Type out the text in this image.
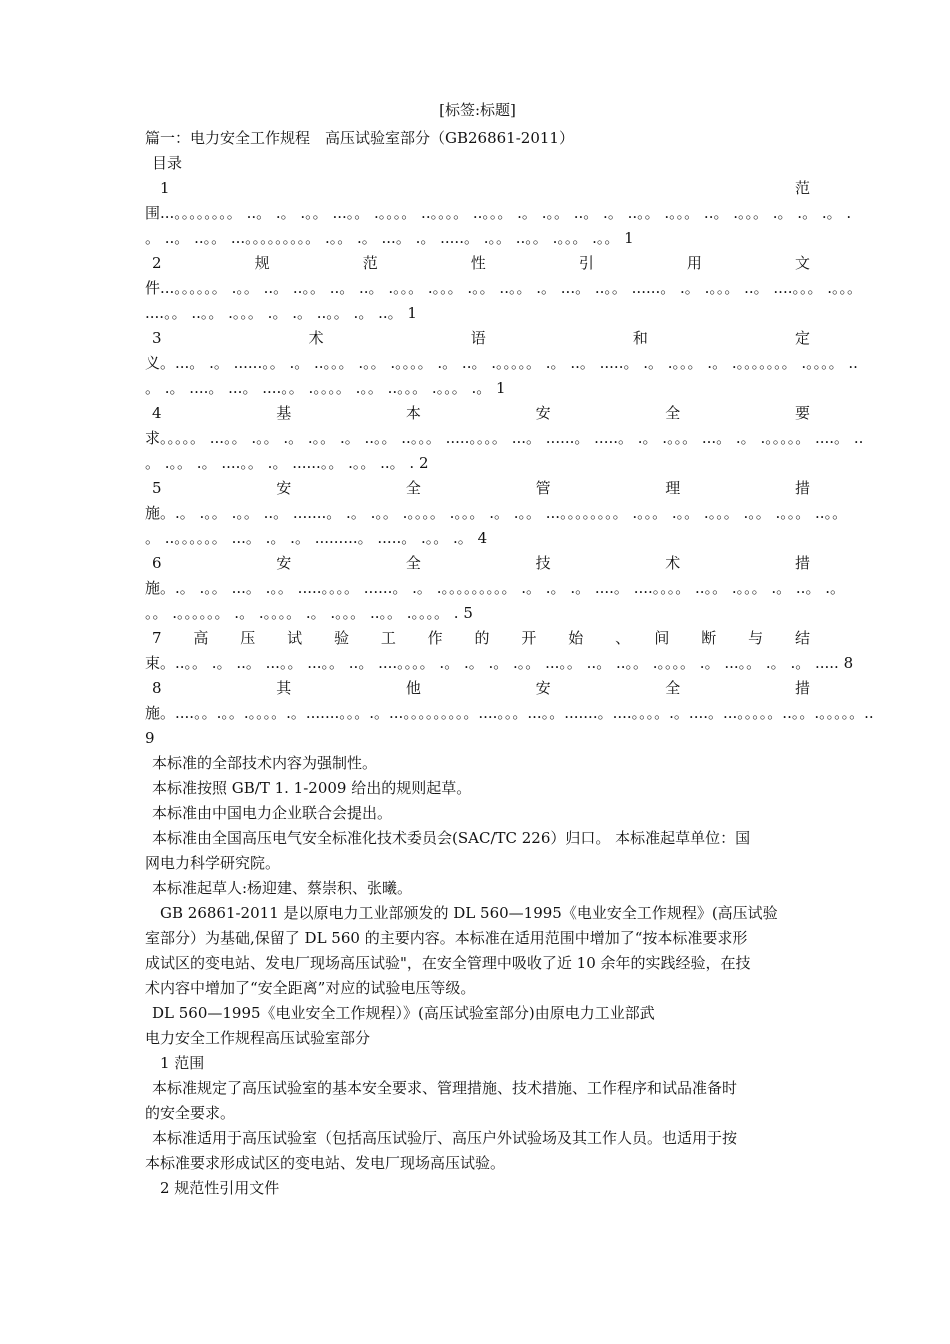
[标签:标题]
篇一：电力安全工作规程　高压试验室部分（GB26861-2011）
目录
1	范
围...。。。。。。。。 ..。 .。 .。。 ...。。 .。。。。 ..。。。。 ..。。。 .。 .。。 ..。 .。 ..。。 .。。。 ..。 .。。。 .。 .。 .。 .
。 ..。 ..。。 ...。。。。。。。。。 .。。 .。 ...。 .。 .....。 .。。 ..。。 .。。。 .。。 1
2　规　范　性　引　用　文
件...。。。。。。 .。。 ..。 ..。。 ..。 ..。 .。。。 .。。。 .。。 ..。。 .。 ...。 ..。。 ......。 .。 .。。。 ..。 ....。。。 .。。。
....。。 ..。。 .。。。 .。 .。 ..。。 .。 ..。 1
3　术　语　和　定
义。...。 .。 ......。。 .。 ..。。。 .。。 .。。。。 .。 ..。 .。。。。。 .。 ..。 .....。 .。 .。。。 .。 .。。。。。。。 .。。。。 ..
。 .。 ....。 ...。 ....。。 .。。。。 .。。 ..。。。 .。。。 .。 1
4　基　本　安　全　要
求。。。。。 ...。。 .。。 .。 .。。 .。 ..。。 ..。。。 .....。。。。 ...。 ......。 .....。 .。 .。。。 ...。 .。 .。。。。。 ....。 ..
。 .。。 .。 ....。。 .。 ......。。 .。。 ..。 . 2
5　安　全　管　理　措
施。.。 .。。 .。。 ..。 .......。 .。 .。。 .。。。。 .。。。 .。 .。。 ...。。。。。。。。 .。。。 .。。 .。。。 .。。 .。。。 ..。。
。 ..。。。。。。 ...。 .。 .。 .........。 .....。 .。。 .。 4
6　安　全　技　术　措
施。.。 .。。 ...。 .。。 .....。。。。 ......。 .。 .。。。。。。。。。 .。 .。 .。 ....。 ....。。。。 ..。。 .。。。 .。 ..。 .。
。。 .。。。。。。 .。 .。。。。 .。 .。。。 ..。。 .。。。。 . 5
7　高　压　试　验　工　作　的　开　始　、　间　断　与　结
束。..。。 .。 ..。 ...。。 ...。。 ..。 ....。。。。 .。 .。 .。 .。。 ...。。 ..。 ..。。 .。。。。 .。 ...。。 .。 .。 ..... 8
8　其　他　安　全　措
施。....。。.。。.。。。。.。.......。。。.。...。。。。。。。。。....。。。...。。.......。....。。。。.。....。...。。。。。..。。.。。。。。..
9
本标准的全部技术内容为强制性。
本标准按照 GB/T 1. 1-2009 给出的规则起草。
本标准由中国电力企业联合会提出。
本标准由全国高压电气安全标准化技术委员会(SAC/TC 226）归口。 本标准起草单位：国
网电力科学研究院。
本标准起草人:杨迎建、蔡崇积、张曦。
GB 26861-2011 是以原电力工业部颁发的 DL 560—1995《电业安全工作规程》(高压试验
室部分）为基础,保留了 DL 560 的主要内容。本标准在适用范围中增加了“按本标准要求形
成试区的变电站、发电厂现场高压试验"，在安全管理中吸收了近 10 余年的实践经验，在技
术内容中增加了“安全距离”对应的试验电压等级。
DL 560—1995《电业安全工作规程）》(高压试验室部分)由原电力工业部武
电力安全工作规程高压试验室部分
1 范围
本标准规定了高压试验室的基本安全要求、管理措施、技术措施、工作程序和试品准备时
的安全要求。
本标准适用于高压试验室（包括高压试验厅、高压户外试验场及其工作人员。也适用于按
本标准要求形成试区的变电站、发电厂现场高压试验。
2 规范性引用文件
